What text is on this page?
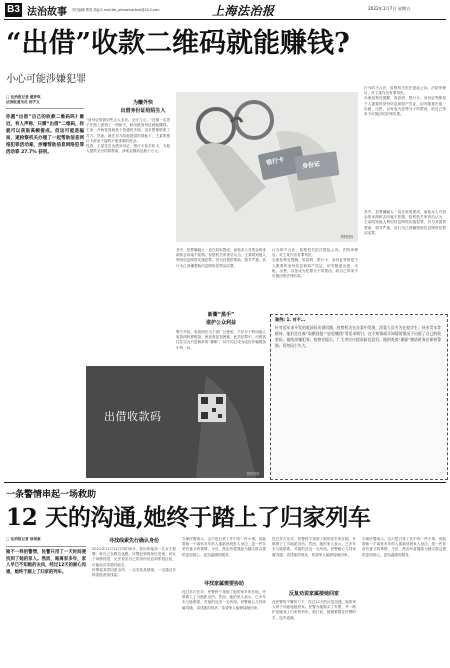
B3 法治故事 责任编辑 曹国 美编 E-mail:fzb_phnew.hanbnb@16.3.com	上海法治报	2022年1月7日 星期五
“出借”收款二维码就能赚钱?
小心可能涉嫌犯罪
□ 法治报记者 董梦琪
法治报通讯员 杨宇文
你愿“出借”自己的收款二维码吗? 最近，有人声称，只需“出借”二维码，你就可以获取高额提成。但这可能是骗局，遂检察机关办理了一起帮助信息网络犯罪活动案，涉嫌帮助信息网络犯罪活动罪 27.7% 获刑。
为赚外快
出借身份证给陌生人
“身份证借我用些点人业务，支付几元。”近期一名男子在网上看到了一则帖子，称出借身份证就能赚钱。王某一开始觉得就是个普通的手续，没多想便联系了对方。然而，就在对方给他提供的帮助下，王某的银行卡被用于接收不明来源的资金。
经查，王某先后出借身份证、银行卡及手机卡，为他人提供支付结算帮助，涉案金额高达数十万元。
银行卡	身份证
资料图片
行为的不合法，检察机关依法提起公诉。法院审理后，对王某作出有罪判决。
办案检察官提醒，收款码、银行卡、身份证等都是个人重要的身份信息和财产凭证，切勿随意出借、出租、出售，以免成为犯罪分子的帮凶，给自己带来不可挽回的法律后果。
其中，犯罪嫌疑人一直在收取提成，而他本人对资金的来源和去向毫不知情。检察机关审查后认为，王某明知他人利用信息网络实施犯罪，仍为其提供帮助，情节严重，其行为已涉嫌帮助信息网络犯罪活动罪。
新衢“黑手”
谁护公众利益
警方介绍，收款码在当下被广泛使用，不法分子利用他人收款码转移赃款，使追查更加困难。此类犯罪中，出借者往往以为只是简单的“兼职”，却不知已成为电信诈骗链条中的一环。
行为的不合法，检察机关依法提起公诉。法院审理后，对王某作出有罪判决。
办案检察官提醒，收款码、银行卡、身份证等都是个人重要的身份信息和财产凭证，切勿随意出借、出租、出售，以免成为犯罪分子的帮凶，给自己带来不可挽回的法律后果。
出借收款码
资料图片
案例: 1. 对不…
针对近年来多发的收款码出借问题，检察机关在办案中发现，涉案人员多为在校学生、待业青年等群体，他们往往被“高额回报”“轻松赚钱”等话术吸引，在不知情或半知情的情况下出借了自己的收款码，最终涉嫌犯罪。检察官提示，广大市民应提高防范意识，遇到类似“兼职”邀请时务必保持警惕，切勿因小失大。
其中，犯罪嫌疑人一直在收取提成，而他本人对资金的来源和去向毫不知情。检察机关审查后认为，王某明知他人利用信息网络实施犯罪，仍为其提供帮助，情节严重，其行为已涉嫌帮助信息网络犯罪活动罪。
一条警情串起一场救助
12 天的沟通,她终于踏上了归家列车
□ 法治报记者 徐珉康
她不一样的警情，民警只用了一天时间便找到了她的家人。然而，她离家多年，家人早已不知她的去向，经过12天的耐心沟通，她终于踏上了归家的列车。
寻找线索先行确认身份
2021年11月12日0时30分，派出所接到一名女子报警，称自己在路边迷路。民警赶到现场后发现，该女子神情恍惚，无法说出自己的身份信息和家庭住址，仅能说出零星的地名。
民警将其带回派出所，一边安抚其情绪，一边通过多种渠道查找线索。
办案民警表示，这只是日常工作中的一件小事，但能帮助一个离家多年的人重新回到家人身边，是一件非常有意义的事情。今后，派出所将继续为辖区群众提供更加贴心、更加温暖的服务。
寻找家属需要协助
经过多次比对，民警终于找到了她的家乡所在地，并联系上了当地派出所。然而，她的家人表示，已多年未与她联系，对她的近况一无所知。民警耐心与其家属沟通，讲述她的现状，希望家人能够接她回家。
经过多次比对，民警终于找到了她的家乡所在地，并联系上了当地派出所。然而，她的家人表示，已多年未与她联系，对她的近况一无所知。民警耐心与其家属沟通，讲述她的现状，希望家人能够接她回家。
反复劝说家属接她回家
在民警的不懈努力下，经过12天的反复沟通，她的家人终于同意接她回家。民警为她购买了车票，并一路护送她登上归家的列车。临行前，她紧紧握住民警的手，连声道谢。
办案民警表示，这只是日常工作中的一件小事，但能帮助一个离家多年的人重新回到家人身边，是一件非常有意义的事情。今后，派出所将继续为辖区群众提供更加贴心、更加温暖的服务。
